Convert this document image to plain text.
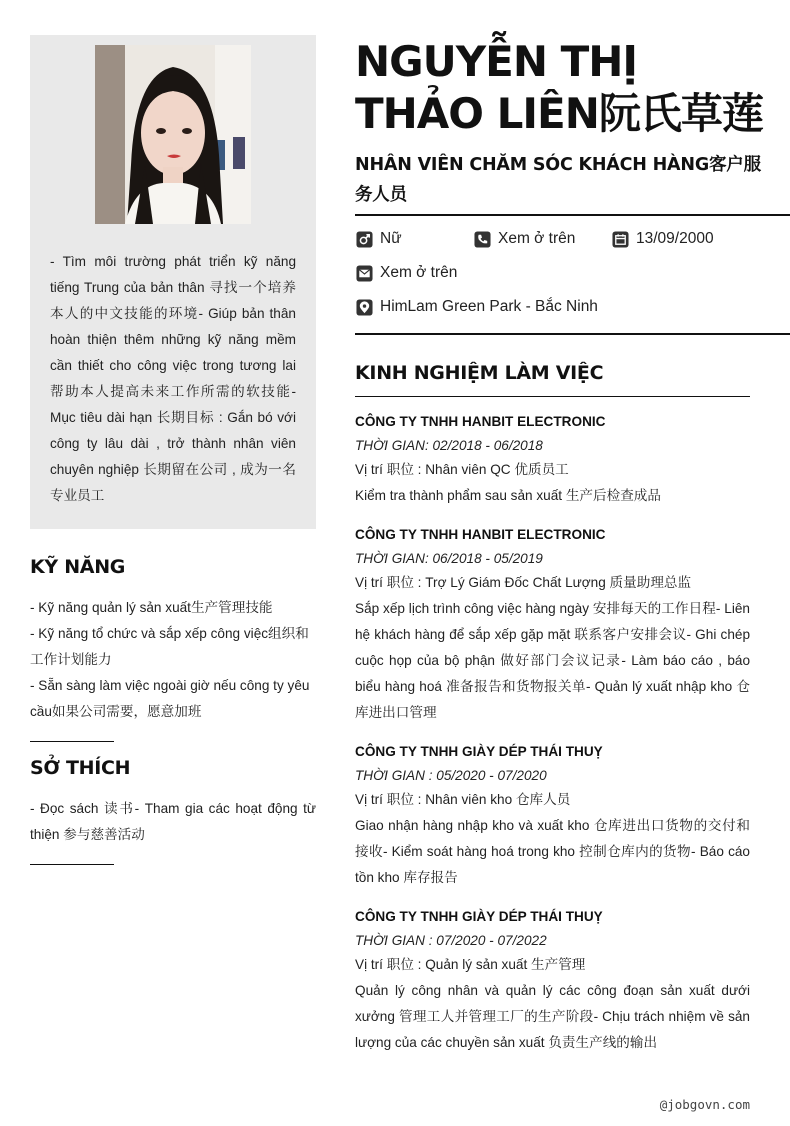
- Tìm môi trường phát triển kỹ năng tiếng Trung của bản thân 寻找一个培养本人的中文技能的环境- Giúp bản thân hoàn thiện thêm những kỹ năng mềm cần thiết cho công việc trong tương lai 帮助本人提高未来工作所需的软技能- Mục tiêu dài hạn 长期目标 : Gắn bó với công ty lâu dài , trở thành nhân viên chuyên nghiệp 长期留在公司 , 成为一名专业员工
KỸ NĂNG
- Kỹ năng quản lý sản xuất生产管理技能
- Kỹ năng tổ chức và sắp xếp công việc组织和工作计划能力
- Sẵn sàng làm việc ngoài giờ nếu công ty yêu cầu如果公司需要，愿意加班
SỞ THÍCH
- Đọc sách 读书- Tham gia các hoạt động từ thiện 参与慈善活动
NGUYỄN THỊ THẢO LIÊN阮氏草莲
NHÂN VIÊN CHĂM SÓC KHÁCH HÀNG客户服务人员
Nữ	Xem ở trên	13/09/2000
Xem ở trên
HimLam Green Park - Bắc Ninh
KINH NGHIỆM LÀM VIỆC
CÔNG TY TNHH HANBIT ELECTRONIC
THỜI GIAN: 02/2018 - 06/2018
Vị trí 职位 : Nhân viên QC 优质员工
Kiểm tra thành phẩm sau sản xuất 生产后检查成品
CÔNG TY TNHH HANBIT ELECTRONIC
THỜI GIAN: 06/2018 - 05/2019
Vị trí 职位 : Trợ Lý Giám Đốc Chất Lượng 质量助理总监
Sắp xếp lịch trình công việc hàng ngày 安排每天的工作日程- Liên hệ khách hàng để sắp xếp gặp mặt 联系客户安排会议- Ghi chép cuộc họp của bộ phận 做好部门会议记录- Làm báo cáo , báo biểu hàng hoá 准备报告和货物报关单- Quản lý xuất nhập kho 仓库进出口管理
CÔNG TY TNHH GIÀY DÉP THÁI THUỴ
THỜI GIAN : 05/2020 - 07/2020
Vị trí 职位 : Nhân viên kho 仓库人员
Giao nhận hàng nhập kho và xuất kho 仓库进出口货物的交付和接收- Kiểm soát hàng hoá trong kho 控制仓库内的货物- Báo cáo tồn kho 库存报告
CÔNG TY TNHH GIÀY DÉP THÁI THUỴ
THỜI GIAN : 07/2020 - 07/2022
Vị trí 职位 : Quản lý sản xuất 生产管理
Quản lý công nhân và quản lý các công đoạn sản xuất dưới xưởng 管理工人并管理工厂的生产阶段- Chịu trách nhiệm về sản lượng của các chuyền sản xuất 负责生产线的输出
@jobgovn.com
